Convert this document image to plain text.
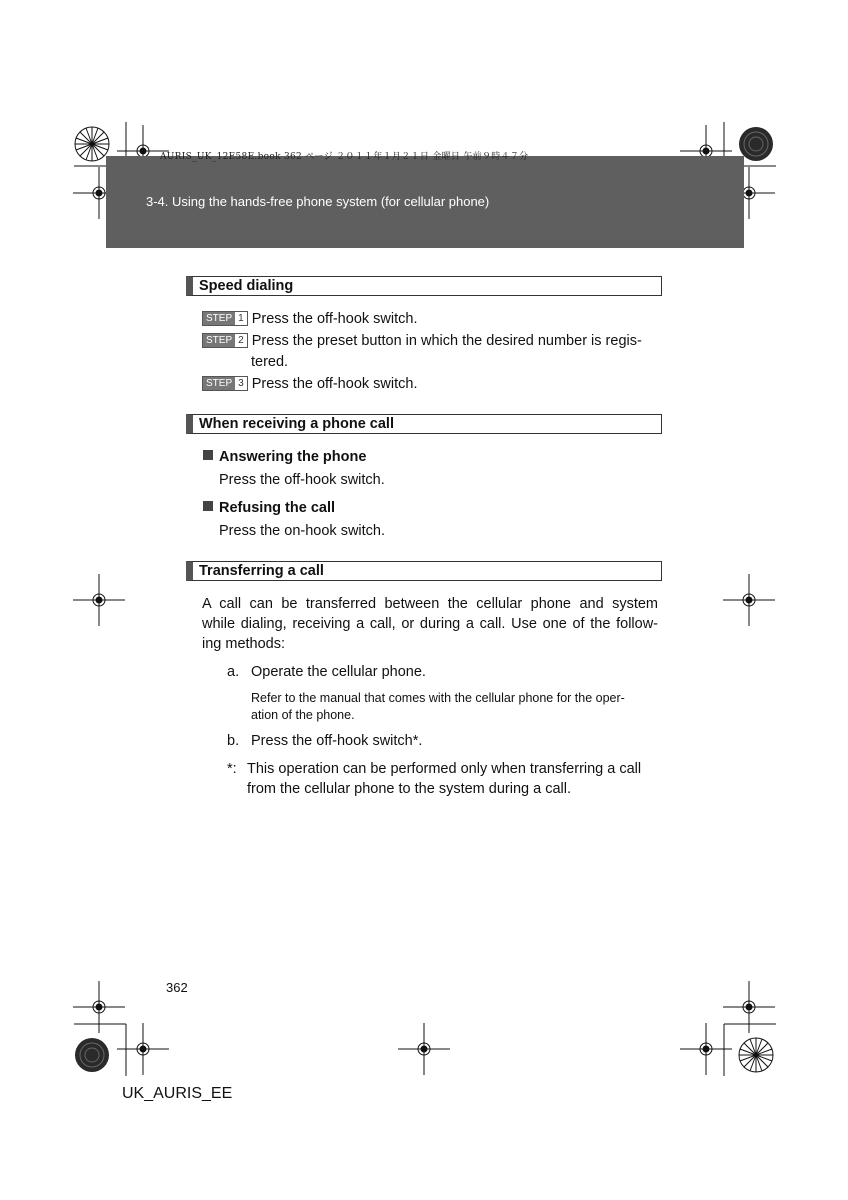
AURIS_UK_12E58E.book 362 ページ ２０１１年１月２１日 金曜日 午前９時４７分
3-4. Using the hands-free phone system (for cellular phone)
Speed dialing
STEP 1 Press the off-hook switch.
STEP 2 Press the preset button in which the desired number is regis-
tered.
STEP 3 Press the off-hook switch.
When receiving a phone call
Answering the phone
Press the off-hook switch.
Refusing the call
Press the on-hook switch.
Transferring a call
A call can be transferred between the cellular phone and system
while dialing, receiving a call, or during a call. Use one of the follow-
ing methods:
a. Operate the cellular phone.
Refer to the manual that comes with the cellular phone for the oper-
ation of the phone.
b. Press the off-hook switch*.
*: This operation can be performed only when transferring a call
from the cellular phone to the system during a call.
362
UK_AURIS_EE
